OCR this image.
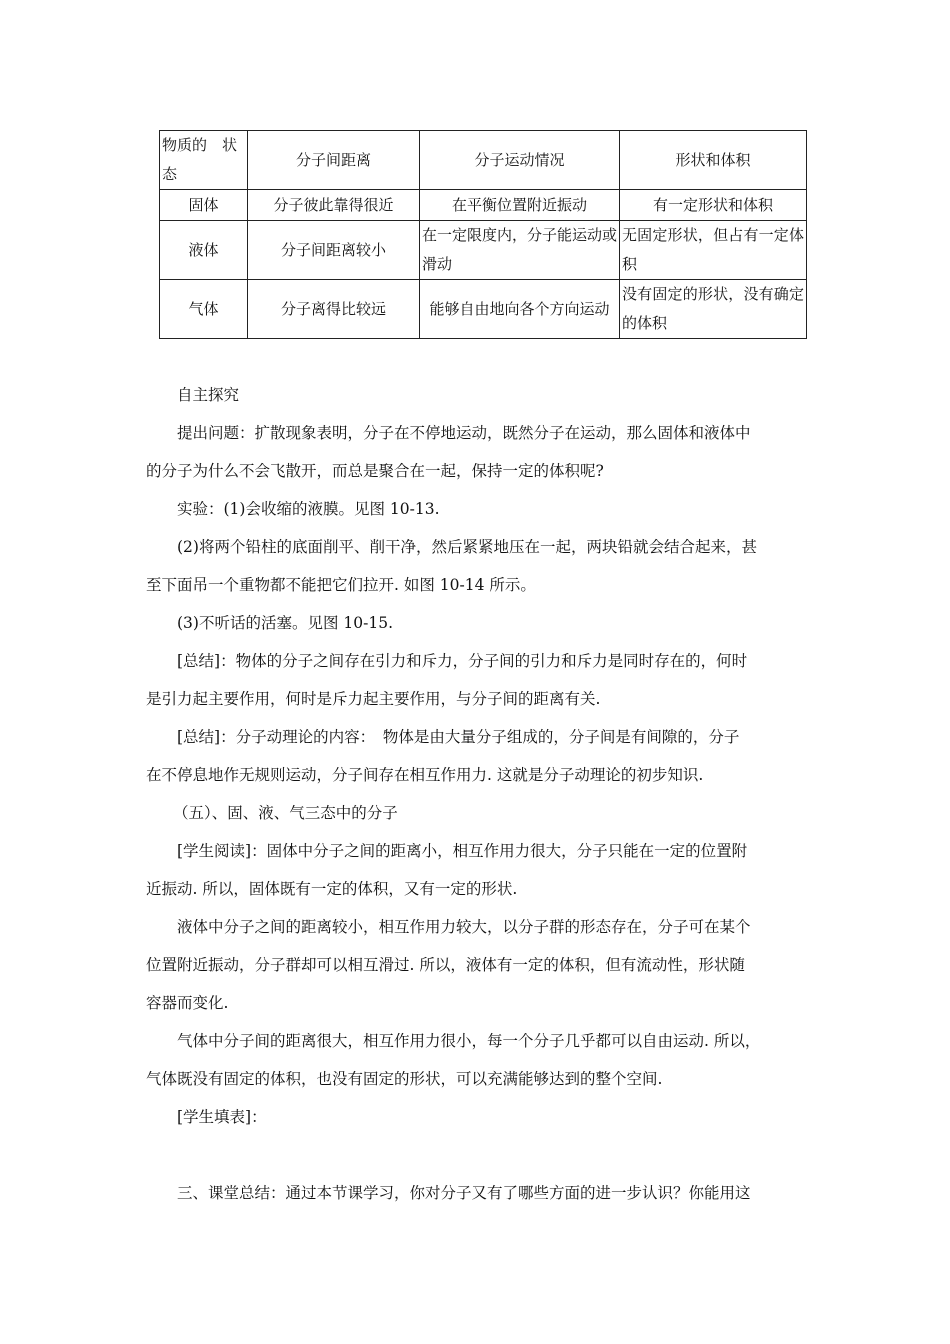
物质的　状态	分子间距离	分子运动情况	形状和体积
固体	分子彼此靠得很近	在平衡位置附近振动	有一定形状和体积
液体	分子间距离较小	在一定限度内，分子能运动或滑动	无固定形状，但占有一定体积
气体	分子离得比较远	能够自由地向各个方向运动	没有固定的形状，没有确定的体积

自主探究

提出问题：扩散现象表明，分子在不停地运动，既然分子在运动，那么固体和液体中

的分子为什么不会飞散开，而总是聚合在一起，保持一定的体积呢?

实验：(1)会收缩的液膜。见图 10-13.

(2)将两个铅柱的底面削平、削干净，然后紧紧地压在一起，两块铅就会结合起来，甚

至下面吊一个重物都不能把它们拉开. 如图 10-14 所示。

(3)不听话的活塞。见图 10-15.

[总结]：物体的分子之间存在引力和斥力，分子间的引力和斥力是同时存在的，何时

是引力起主要作用，何时是斥力起主要作用，与分子间的距离有关.

[总结]：分子动理论的内容：　物体是由大量分子组成的，分子间是有间隙的，分子

在不停息地作无规则运动，分子间存在相互作用力. 这就是分子动理论的初步知识.

（五）、固、液、气三态中的分子

[学生阅读]：固体中分子之间的距离小，相互作用力很大，分子只能在一定的位置附

近振动. 所以，固体既有一定的体积，又有一定的形状.

液体中分子之间的距离较小，相互作用力较大，以分子群的形态存在，分子可在某个

位置附近振动，分子群却可以相互滑过. 所以，液体有一定的体积，但有流动性，形状随

容器而变化.

气体中分子间的距离很大，相互作用力很小，每一个分子几乎都可以自由运动. 所以，

气体既没有固定的体积，也没有固定的形状，可以充满能够达到的整个空间.

[学生填表]：

三、课堂总结：通过本节课学习，你对分子又有了哪些方面的进一步认识？你能用这
